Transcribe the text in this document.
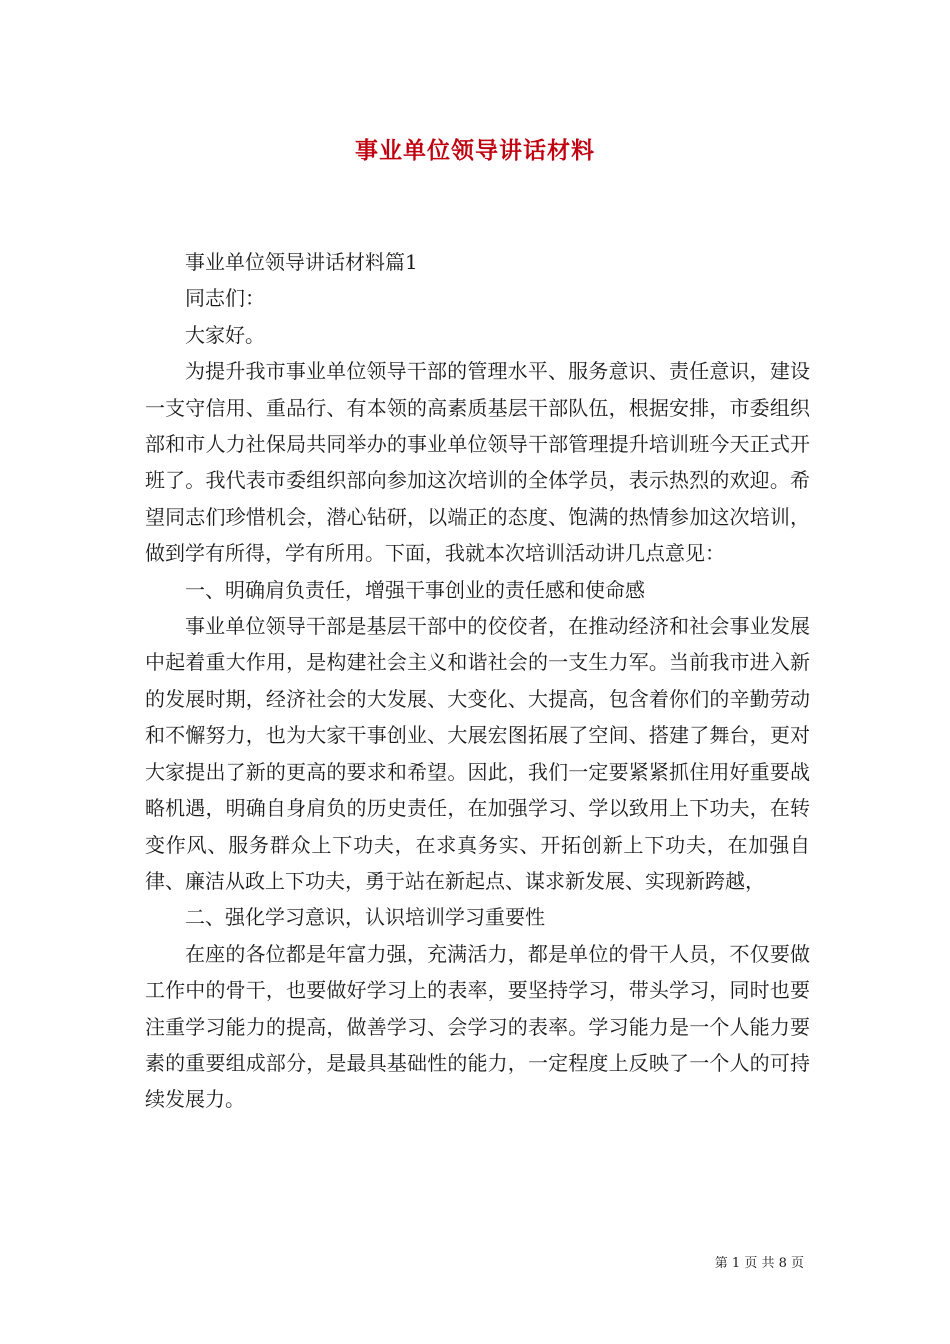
事业单位领导讲话材料

事业单位领导讲话材料篇1

同志们：

大家好。

为提升我市事业单位领导干部的管理水平、服务意识、责任意识，建设一支守信用、重品行、有本领的高素质基层干部队伍，根据安排，市委组织部和市人力社保局共同举办的事业单位领导干部管理提升培训班今天正式开班了。我代表市委组织部向参加这次培训的全体学员，表示热烈的欢迎。希望同志们珍惜机会，潜心钻研，以端正的态度、饱满的热情参加这次培训，做到学有所得，学有所用。下面，我就本次培训活动讲几点意见：

一、明确肩负责任，增强干事创业的责任感和使命感

事业单位领导干部是基层干部中的佼佼者，在推动经济和社会事业发展中起着重大作用，是构建社会主义和谐社会的一支生力军。当前我市进入新的发展时期，经济社会的大发展、大变化、大提高，包含着你们的辛勤劳动和不懈努力，也为大家干事创业、大展宏图拓展了空间、搭建了舞台，更对大家提出了新的更高的要求和希望。因此，我们一定要紧紧抓住用好重要战略机遇，明确自身肩负的历史责任，在加强学习、学以致用上下功夫，在转变作风、服务群众上下功夫，在求真务实、开拓创新上下功夫，在加强自律、廉洁从政上下功夫，勇于站在新起点、谋求新发展、实现新跨越，

二、强化学习意识，认识培训学习重要性

在座的各位都是年富力强，充满活力，都是单位的骨干人员，不仅要做工作中的骨干，也要做好学习上的表率，要坚持学习，带头学习，同时也要注重学习能力的提高，做善学习、会学习的表率。学习能力是一个人能力要素的重要组成部分，是最具基础性的能力，一定程度上反映了一个人的可持续发展力。

第 1 页 共 8 页
